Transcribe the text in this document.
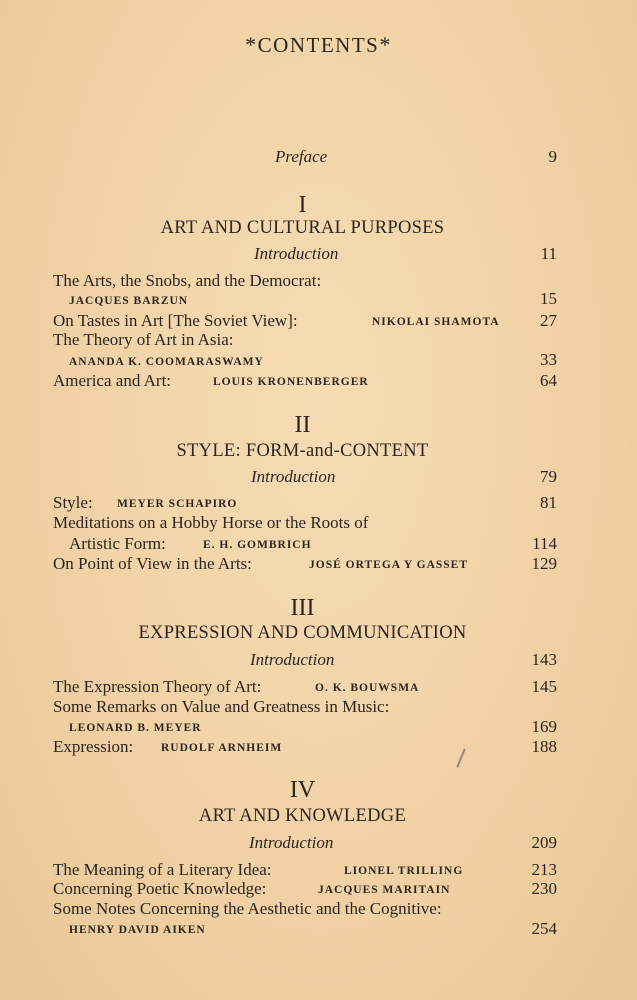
*CONTENTS*
Preface	9
I
ART AND CULTURAL PURPOSES
Introduction	11
The Arts, the Snobs, and the Democrat:
JACQUES BARZUN	15
On Tastes in Art [The Soviet View]:	NIKOLAI SHAMOTA 27
The Theory of Art in Asia:
ANANDA K. COOMARASWAMY	33
America and Art:	LOUIS KRONENBERGER	64
II
STYLE: FORM-and-CONTENT
Introduction	79
Style: MEYER SCHAPIRO	81
Meditations on a Hobby Horse or the Roots of
Artistic Form:	E. H. GOMBRICH	114
On Point of View in the Arts:	JOSÉ ORTEGA Y GASSET	129
III
EXPRESSION AND COMMUNICATION
Introduction	143
The Expression Theory of Art:	O. K. BOUWSMA	145
Some Remarks on Value and Greatness in Music:
LEONARD B. MEYER	169
Expression: RUDOLF ARNHEIM	188
IV
ART AND KNOWLEDGE
Introduction	209
The Meaning of a Literary Idea:	LIONEL TRILLING	213
Concerning Poetic Knowledge:	JACQUES MARITAIN	230
Some Notes Concerning the Aesthetic and the Cognitive:
HENRY DAVID AIKEN	254
